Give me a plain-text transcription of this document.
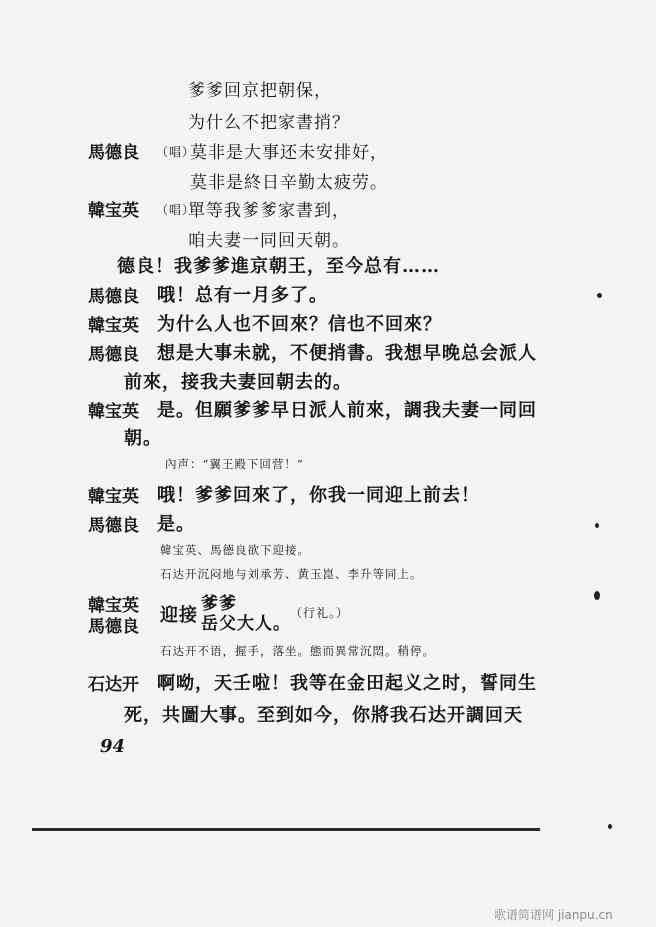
爹爹回京把朝保，
为什么不把家書捎？
馬德良 （唱）
莫非是大事还未安排好，
莫非是終日辛勤太疲劳。
韓宝英 （唱）
單等我爹爹家書到，
咱夫妻一同回天朝。
德良！我爹爹進京朝王，至今总有……
馬德良 哦！总有一月多了。
韓宝英 为什么人也不回來？信也不回來？
馬德良 想是大事未就，不便捎書。我想早晚总会派人
前來，接我夫妻回朝去的。
韓宝英 是。但願爹爹早日派人前來，調我夫妻一同回
朝。
內声：“翼王殿下回营！”
韓宝英 哦！爹爹回來了，你我一同迎上前去！
馬德良 是。
韓宝英、馬德良欲下迎接。
石达开沉闷地与刘承芳、黄玉崑、李升等同上。
韓宝英
馬德良
迎接
爹爹
岳父大人。
（行礼。）
石达开不语，握手，落坐。態而異常沉悶。稍停。
石达开 啊呦，天壬啦！我等在金田起义之时，誓同生
死，共圖大事。至到如今，你將我石达开調回天
94
歌谱简谱网 jianpu.cn
